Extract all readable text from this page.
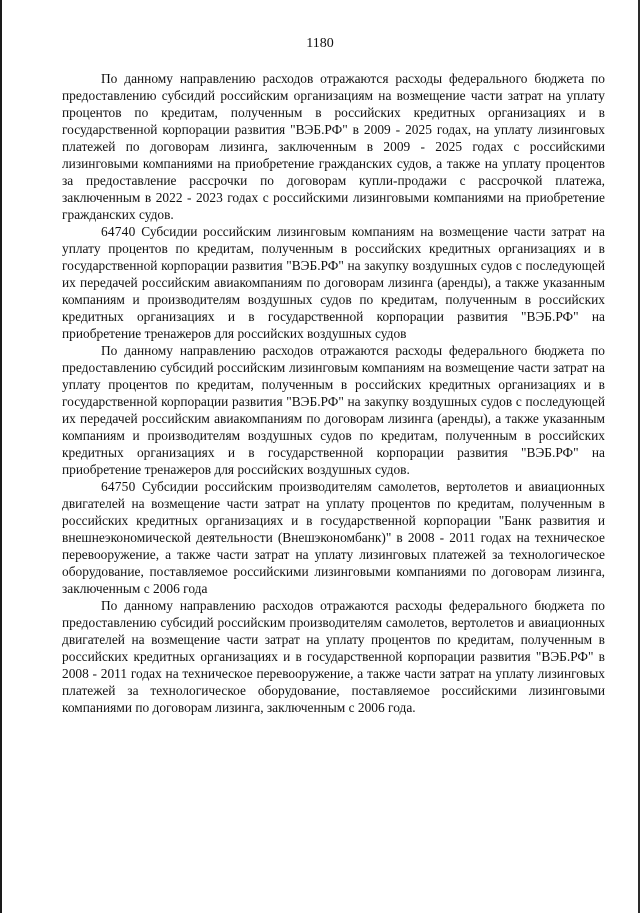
1180

По данному направлению расходов отражаются расходы федерального бюджета по предоставлению субсидий российским организациям на возмещение части затрат на уплату процентов по кредитам, полученным в российских кредитных организациях и в государственной корпорации развития "ВЭБ.РФ" в 2009 - 2025 годах, на уплату лизинговых платежей по договорам лизинга, заключенным в 2009 - 2025 годах с российскими лизинговыми компаниями на приобретение гражданских судов, а также на уплату процентов за предоставление рассрочки по договорам купли-продажи с рассрочкой платежа, заключенным в 2022 - 2023 годах с российскими лизинговыми компаниями на приобретение гражданских судов.

64740 Субсидии российским лизинговым компаниям на возмещение части затрат на уплату процентов по кредитам, полученным в российских кредитных организациях и в государственной корпорации развития "ВЭБ.РФ" на закупку воздушных судов с последующей их передачей российским авиакомпаниям по договорам лизинга (аренды), а также указанным компаниям и производителям воздушных судов по кредитам, полученным в российских кредитных организациях и в государственной корпорации развития "ВЭБ.РФ" на приобретение тренажеров для российских воздушных судов

По данному направлению расходов отражаются расходы федерального бюджета по предоставлению субсидий российским лизинговым компаниям на возмещение части затрат на уплату процентов по кредитам, полученным в российских кредитных организациях и в государственной корпорации развития "ВЭБ.РФ" на закупку воздушных судов с последующей их передачей российским авиакомпаниям по договорам лизинга (аренды), а также указанным компаниям и производителям воздушных судов по кредитам, полученным в российских кредитных организациях и в государственной корпорации развития "ВЭБ.РФ" на приобретение тренажеров для российских воздушных судов.

64750 Субсидии российским производителям самолетов, вертолетов и авиационных двигателей на возмещение части затрат на уплату процентов по кредитам, полученным в российских кредитных организациях и в государственной корпорации "Банк развития и внешнеэкономической деятельности (Внешэкономбанк)" в 2008 - 2011 годах на техническое перевооружение, а также части затрат на уплату лизинговых платежей за технологическое оборудование, поставляемое российскими лизинговыми компаниями по договорам лизинга, заключенным с 2006 года

По данному направлению расходов отражаются расходы федерального бюджета по предоставлению субсидий российским производителям самолетов, вертолетов и авиационных двигателей на возмещение части затрат на уплату процентов по кредитам, полученным в российских кредитных организациях и в государственной корпорации развития "ВЭБ.РФ" в 2008 - 2011 годах на техническое перевооружение, а также части затрат на уплату лизинговых платежей за технологическое оборудование, поставляемое российскими лизинговыми компаниями по договорам лизинга, заключенным с 2006 года.
